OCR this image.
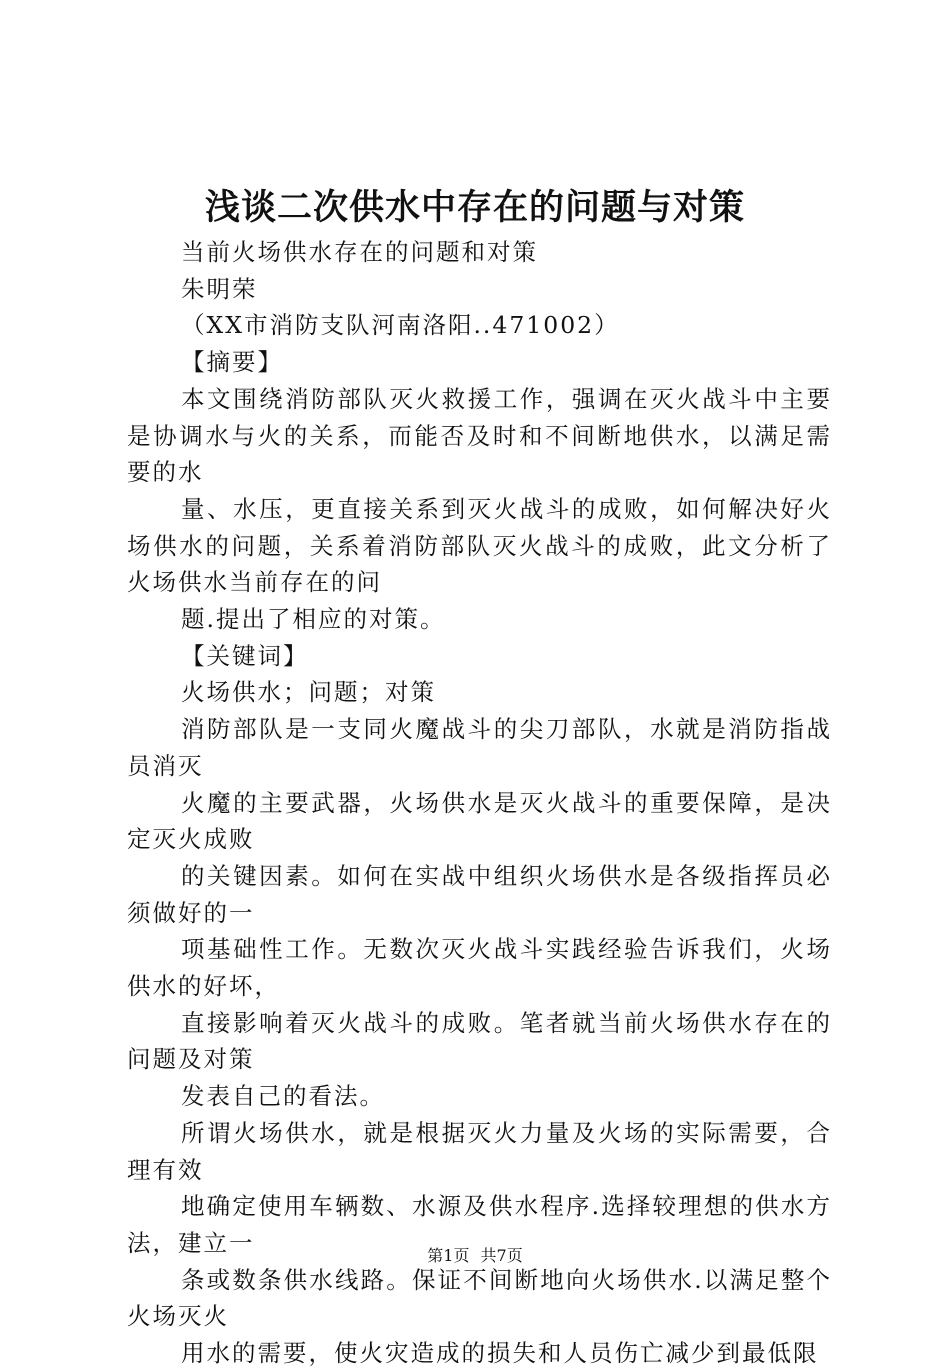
浅谈二次供水中存在的问题与对策

当前火场供水存在的问题和对策

朱明荣

（XX市消防支队河南洛阳..471002）

【摘要】

本文围绕消防部队灭火救援工作，强调在灭火战斗中主要是协调水与火的关系，而能否及时和不间断地供水，以满足需要的水

量、水压，更直接关系到灭火战斗的成败，如何解决好火场供水的问题，关系着消防部队灭火战斗的成败，此文分析了火场供水当前存在的问

题.提出了相应的对策。

【关键词】

火场供水；问题；对策

消防部队是一支同火魔战斗的尖刀部队，水就是消防指战员消灭

火魔的主要武器，火场供水是灭火战斗的重要保障，是决定灭火成败

的关键因素。如何在实战中组织火场供水是各级指挥员必须做好的一

项基础性工作。无数次灭火战斗实践经验告诉我们，火场供水的好坏，

直接影响着灭火战斗的成败。笔者就当前火场供水存在的问题及对策

发表自己的看法。

所谓火场供水，就是根据灭火力量及火场的实际需要，合理有效

地确定使用车辆数、水源及供水程序.选择较理想的供水方法，建立一

条或数条供水线路。保证不间断地向火场供水.以满足整个火场灭火

用水的需要，使火灾造成的损失和人员伤亡减少到最低限

第1页 共7页
